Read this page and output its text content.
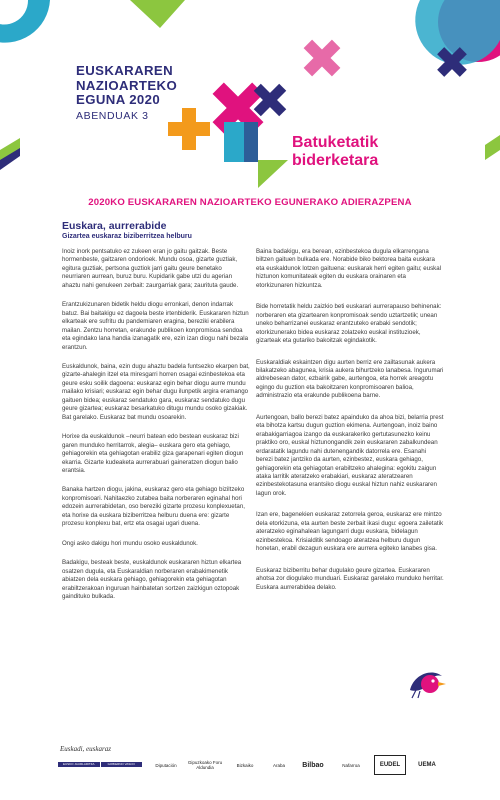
EUSKARAREN
NAZIOARTEKO
EGUNA 2020
ABENDUAK 3
Batuketatik
biderketara
2020KO EUSKARAREN NAZIOARTEKO EGUNERAKO ADIERAZPENA
Euskara, aurrerabide
Gizartea euskaraz biziberritzea helburu

Inoiz inork pentsatuko ez zukeen eran jo gaitu gaitzak. Beste hormenbeste, gaitzaren ondorioek. Mundu osoa, gizarte guztiak, egitura guztiak, pertsona guztiok jarri gaitu geure benetako neurriaren aurrean, buruz buru. Kupidarik gabe utzi du agerian ahaztu nahi genukeen zerbait: zaurgarriak gara; zaurituta gaude.

Erantzukizunaren bidetik heldu diogu erronkari, denon indarrak batuz. Bai baitakigu ez dagoela beste irtenbiderik. Euskararen hiztun elkarteak ere sufritu du pandemiaren eragina, bereziki erabilera mailan. Zentzu horretan, erakunde publikoen konpromisoa sendoa eta egindako lana handia izanagatik ere, ezin izan diogu nahi bezala erantzun.

Euskaldunok, baina, ezin dugu ahaztu badela funtsezko ekarpen bat, gizarte-ahalegin itzel eta miresgarri horren osagai ezinbestekoa eta geure esku soilik dagoena: euskaraz egin behar diogu aurre mundu mailako krisiari; euskaraz egin behar dugu ilunpetik argira eramango gaituen bidea; euskaraz sendatuko gara, euskaraz sendatuko dugu geure gizartea; euskaraz besarkatuko ditugu mundu osoko gizakiak. Bat garelako. Euskaraz bat mundu osoarekin.

Horixe da euskaldunok –neurri batean edo bestean euskaraz bizi garen munduko herritarrok, alegia– euskara gero eta gehiago, gehiagorekin eta gehiagotan erabiliz giza garapenari egiten diogun ekarria. Gizarte kudeaketa aurrerabuari gaineratzen diogun balio erantsia.

Banaka hartzen diogu, jakina, euskaraz gero eta gehiago biziltzeko konpromisoari. Nahitaezko zutabea baita norberaren eginahal hori edozein aurrerabidetan, oso bereziki gizarte prozesu konplexuetan, eta horixe da euskara biziberritzea helburu duena ere: gizarte prozesu konplexu bat, ertz eta osagai ugari duena.

Ongi asko dakigu hori mundu osoko euskaldunok.

Badakigu, besteak beste, euskaldunok euskararen hiztun elkartea osatzen dugula, eta Euskaraldian norberaren erabakimenetik abiatzen dela euskara gehiago, gehiagorekin eta gehiagotan erabiltzerakoan inguruan hainbatetan sortzen zaizkigun oztopoak gaindituko bulkada.

Baina badakigu, era berean, ezinbestekoa dugula elkarrengana biltzen gaituen bulkada ere. Norabide biko bektorea baita euskara eta euskaldunok lotzen gaituena: euskarak herri egiten gaitu; euskal hiztunon komunitateak egiten du euskara orainaren eta etorkizunaren hizkuntza.

Bide horretatik heldu zaizkio beti euskarari aurrerapauso behinenak: norberaren eta gizartearen konpromisoak sendo uztartzetik; unean uneko beharrizanei euskaraz erantzuteko erabaki sendotik; etorkizunerako bidea euskaraz zolatzeko euskal instituzioek, gizarteak eta gutariko bakoitzak egindakotik.

Euskaraldiak eskaintzen digu aurten berriz ere zailtasunak aukera bilakatzeko abagunea, krisia aukera bihurtzeko lanabesa. Ingurumari aldrebesean dator, ezbairik gabe, aurtengoa, eta horrek areagotu egingo du guztion eta bakoitzaren konpromisoaren balioa, administrazio eta erakunde publikoena barne.

Aurtengoan, ballo berezi batez apainduko da ahoa bizi, belarria prest eta bihotza kartsu dugun guztion ekimena. Aurtengoan, inoiz baino erabakigarriagoa izango da euskarakeriko gertutasunezko keinu praktiko oro, euskal hiztunongandik zein euskararen zabalkundean erdaratatik lagundu nahi dutenengandik datorrela ere. Esanahi berezi batez jantziko da aurten, ezinbestez, euskara gehiago, gehiagorekin eta gehiagotan erabiltzeko ahalegina: egokitu zaigun ataka larritik ateratzeko erabakiari, euskaraz ateratzearen ezinbestekotasuna erantsiko diogu euskal hiztun nahiz euskararen lagun orok.

Izan ere, bagenekien euskaraz zetorrela geroa, euskaraz ere mintzo dela etorkizuna, eta aurten beste zerbait ikasi dugu: egoera zailetatik ateratzeko eginahalean lagungarri dugu euskara, bidelagun ezinbestekoa. Krisialditik sendoago ateratzea helburu dugun honetan, erabil dezagun euskara ere aurrera egiteko lanabes gisa.

Euskaraz biziberritu behar dugulako geure gizartea. Euskararen ahotsa zor diogulako munduari. Euskaraz garelako munduko herritar. Euskara aurrerabidea delako.

Euskadi, euskaraz
EUSKO JAURLARITZA	GOBIERNO VASCO	Diputación	Gipuzkoako Foru Aldundia	Bizkaiko	Araba	Bilbao	Nafarroa	EUDEL	UEMA
